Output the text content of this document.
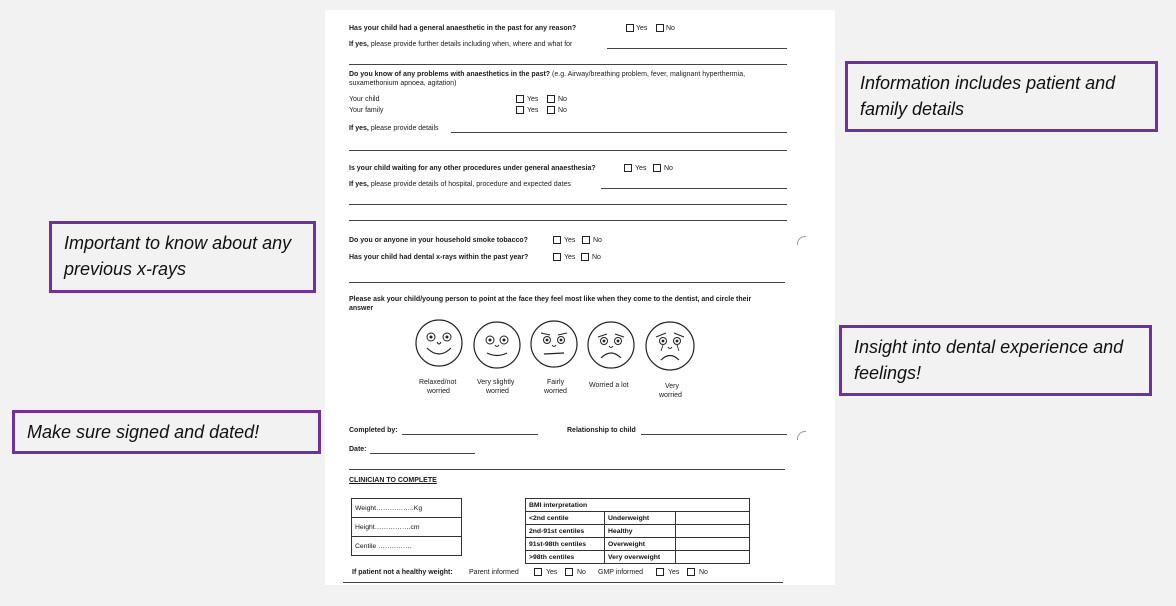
Has your child had a general anaesthetic in the past for any reason?	Yes	No
If yes, please provide further details including when, where and what for
Do you know of any problems with anaesthetics in the past? (e.g. Airway/breathing problem, fever, malignant hyperthermia,
suxamethonium apnoea, agitation)
Your child	Yes	No
Your family	Yes	No
If yes, please provide details
Is your child waiting for any other procedures under general anaesthesia?	Yes	No
If yes, please provide details of hospital, procedure and expected dates
Do you or anyone in your household smoke tobacco?	Yes	No
Has your child had dental x-rays within the past year?	Yes No
Please ask your child/young person to point at the face they feel most like when they come to the dentist, and circle their
answer
Relaxed/not
worried
Very slightly
worried
Fairly
worried
Worried a lot	Very
worried
Completed by:	Relationship to child
Date:
CLINICIAN TO COMPLETE
Weight……………..Kg
Height…………….cm
Centile ……………
BMI interpretation		
<2nd centile	Underweight	
2nd-91st centiles	Healthy	
91st-98th centiles	Overweight	
>98th centiles	Very overweight	
If patient not a healthy weight: Parent informed	Yes	No GMP informed	Yes	No
Information includes patient and family details
Important to know about any previous x-rays
Insight into dental experience and feelings!
Make sure signed and dated!
